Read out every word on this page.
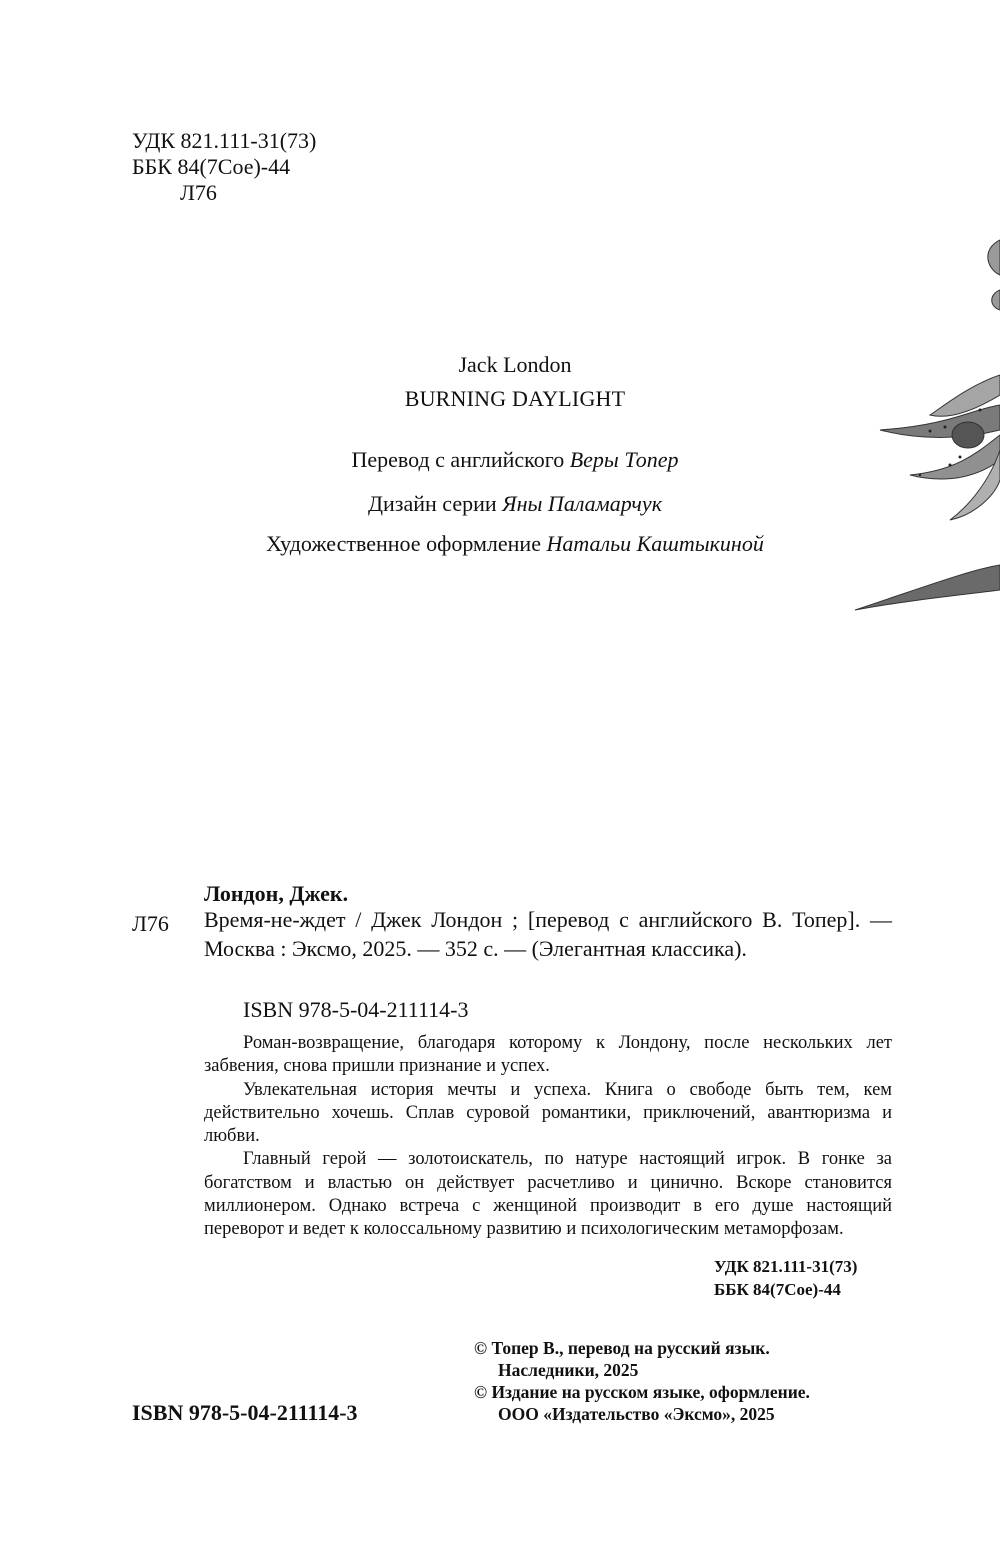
УДК 821.111-31(73)
ББК 84(7Сое)-44
Л76
Jack London
BURNING DAYLIGHT
Перевод с английского Веры Топер
Дизайн серии Яны Паламарчук
Художественное оформление Натальи Каштыкиной
Лондон, Джек.
Л76 Время-не-ждет / Джек Лондон ; [перевод с английского В. Топер]. — Москва : Эксмо, 2025. — 352 с. — (Элегантная классика).
ISBN 978-5-04-211114-3

Роман-возвращение, благодаря которому к Лондону, после нескольких лет забвения, снова пришли признание и успех.

Увлекательная история мечты и успеха. Книга о свободе быть тем, кем действительно хочешь. Сплав суровой романтики, приключений, авантюризма и любви.

Главный герой — золотоискатель, по натуре настоящий игрок. В гонке за богатством и властью он действует расчетливо и цинично. Вскоре становится миллионером. Однако встреча с женщиной производит в его душе настоящий переворот и ведет к колоссальному развитию и психологическим метаморфозам.

УДК 821.111-31(73)
ББК 84(7Сое)-44
© Топер В., перевод на русский язык.
Наследники, 2025
© Издание на русском языке, оформление.
ООО «Издательство «Эксмо», 2025
ISBN 978-5-04-211114-3
